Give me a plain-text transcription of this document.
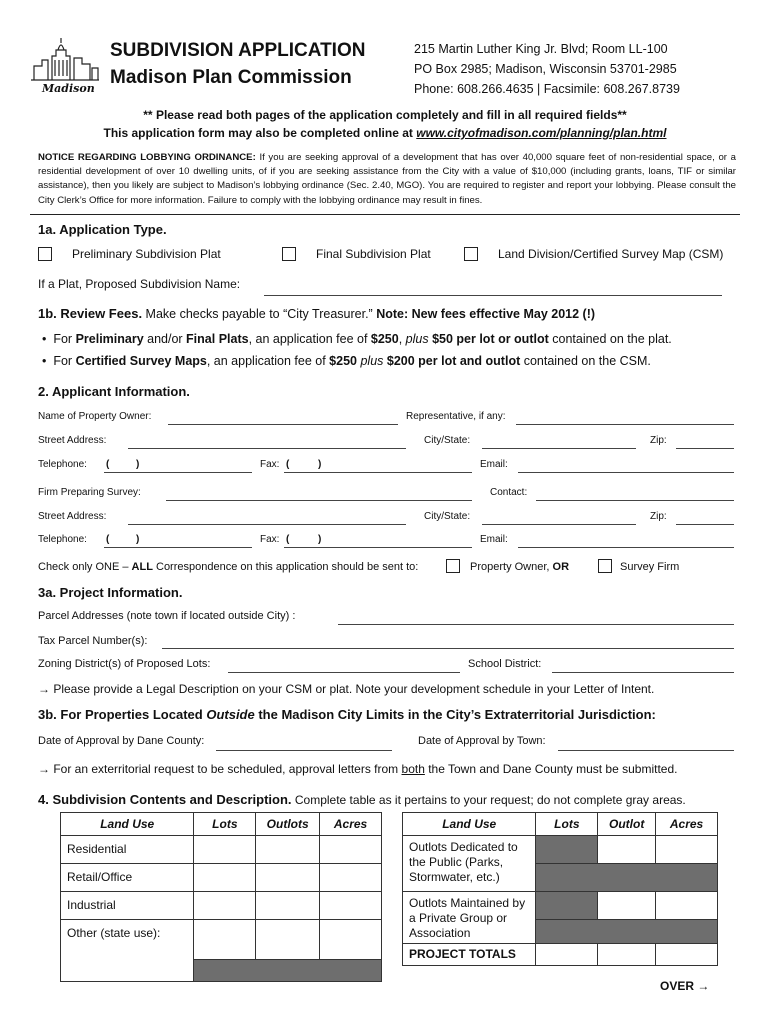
Madison
SUBDIVISION APPLICATION
Madison Plan Commission
215 Martin Luther King Jr. Blvd; Room LL-100
PO Box 2985; Madison, Wisconsin 53701-2985
Phone: 608.266.4635 | Facsimile: 608.267.8739
** Please read both pages of the application completely and fill in all required fields**
This application form may also be completed online at www.cityofmadison.com/planning/plan.html
NOTICE REGARDING LOBBYING ORDINANCE: If you are seeking approval of a development that has over 40,000 square feet of non-residential space, or a residential development of over 10 dwelling units, of if you are seeking assistance from the City with a value of $10,000 (including grants, loans, TIF or similar assistance), then you likely are subject to Madison’s lobbying ordinance (Sec. 2.40, MGO). You are required to register and report your lobbying. Please consult the City Clerk’s Office for more information. Failure to comply with the lobbying ordinance may result in fines.
1a. Application Type.
Preliminary Subdivision Plat	Final Subdivision Plat	Land Division/Certified Survey Map (CSM)
If a Plat, Proposed Subdivision Name:
1b. Review Fees. Make checks payable to “City Treasurer.” Note: New fees effective May 2012 (!)
•  For Preliminary and/or Final Plats, an application fee of $250, plus $50 per lot or outlot contained on the plat.
•  For Certified Survey Maps, an application fee of $250 plus $200 per lot and outlot contained on the CSM.
2. Applicant Information.
Name of Property Owner:	Representative, if any:
Street Address:	City/State:	Zip:
Telephone: (	)	Fax: (	)	Email:
Firm Preparing Survey:	Contact:
Street Address:	City/State:	Zip:
Telephone: (	)	Fax: (	)	Email:
Check only ONE – ALL Correspondence on this application should be sent to:	Property Owner, OR	Survey Firm
3a. Project Information.
Parcel Addresses (note town if located outside City) :
Tax Parcel Number(s):
Zoning District(s) of Proposed Lots:	School District:
→ Please provide a Legal Description on your CSM or plat. Note your development schedule in your Letter of Intent.
3b. For Properties Located Outside the Madison City Limits in the City’s Extraterritorial Jurisdiction:
Date of Approval by Dane County:	Date of Approval by Town:
→ For an exterritorial request to be scheduled, approval letters from both the Town and Dane County must be submitted.
4. Subdivision Contents and Description. Complete table as it pertains to your request; do not complete gray areas.
Land Use	Lots	Outlots	Acres
Residential			
Retail/Office			
Industrial			
Other (state use):			

Land Use	Lots	Outlot	Acres
Outlots Dedicated to the Public (Parks, Stormwater, etc.)			

Outlots Maintained by a Private Group or Association			

PROJECT TOTALS			
OVER →
